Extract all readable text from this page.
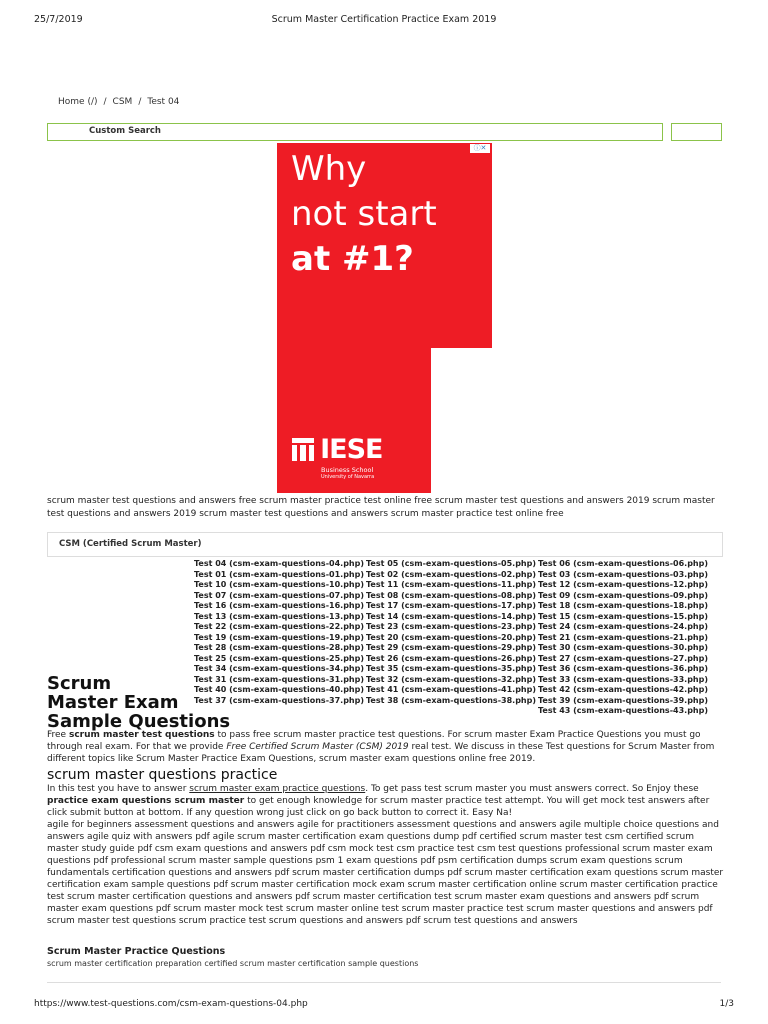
25/7/2019	Scrum Master Certification Practice Exam 2019
Home (/) / CSM / Test 04
Custom Search
ⓘ✕
Why
not start
at #1?
IESE
Business School
University of Navarra
scrum master test questions and answers free scrum master practice test online free scrum master test questions and answers 2019 scrum master test questions and answers 2019 scrum master test questions and answers scrum master practice test online free
CSM (Certified Scrum Master)
Test 04 (csm-exam-questions-04.php) Test 05 (csm-exam-questions-05.php) Test 06 (csm-exam-questions-06.php)
Test 01 (csm-exam-questions-01.php) Test 02 (csm-exam-questions-02.php) Test 03 (csm-exam-questions-03.php)
Test 10 (csm-exam-questions-10.php) Test 11 (csm-exam-questions-11.php) Test 12 (csm-exam-questions-12.php)
Test 07 (csm-exam-questions-07.php) Test 08 (csm-exam-questions-08.php) Test 09 (csm-exam-questions-09.php)
Test 16 (csm-exam-questions-16.php) Test 17 (csm-exam-questions-17.php) Test 18 (csm-exam-questions-18.php)
Test 13 (csm-exam-questions-13.php) Test 14 (csm-exam-questions-14.php) Test 15 (csm-exam-questions-15.php)
Test 22 (csm-exam-questions-22.php) Test 23 (csm-exam-questions-23.php) Test 24 (csm-exam-questions-24.php)
Test 19 (csm-exam-questions-19.php) Test 20 (csm-exam-questions-20.php) Test 21 (csm-exam-questions-21.php)
Test 28 (csm-exam-questions-28.php) Test 29 (csm-exam-questions-29.php) Test 30 (csm-exam-questions-30.php)
Test 25 (csm-exam-questions-25.php) Test 26 (csm-exam-questions-26.php) Test 27 (csm-exam-questions-27.php)
Test 34 (csm-exam-questions-34.php) Test 35 (csm-exam-questions-35.php) Test 36 (csm-exam-questions-36.php)
Test 31 (csm-exam-questions-31.php) Test 32 (csm-exam-questions-32.php) Test 33 (csm-exam-questions-33.php)
Test 40 (csm-exam-questions-40.php) Test 41 (csm-exam-questions-41.php) Test 42 (csm-exam-questions-42.php)
Test 37 (csm-exam-questions-37.php) Test 38 (csm-exam-questions-38.php) Test 39 (csm-exam-questions-39.php)
Test 43 (csm-exam-questions-43.php)
Scrum
Master Exam
Sample Questions
Free scrum master test questions to pass free scrum master practice test questions. For scrum master Exam Practice Questions you must go through real exam. For that we provide Free Certified Scrum Master (CSM) 2019 real test. We discuss in these Test questions for Scrum Master from different topics like Scrum Master Practice Exam Questions, scrum master exam questions online free 2019.
scrum master questions practice
In this test you have to answer scrum master exam practice questions. To get pass test scrum master you must answers correct. So Enjoy these practice exam questions scrum master to get enough knowledge for scrum master practice test attempt. You will get mock test answers after click submit button at bottom. If any question wrong just click on go back button to correct it. Easy Na!
agile for beginners assessment questions and answers agile for practitioners assessment questions and answers agile multiple choice questions and answers agile quiz with answers pdf agile scrum master certification exam questions dump pdf certified scrum master test csm certified scrum master study guide pdf csm exam questions and answers pdf csm mock test csm practice test csm test questions professional scrum master exam questions pdf professional scrum master sample questions psm 1 exam questions pdf psm certification dumps scrum exam questions scrum fundamentals certification questions and answers pdf scrum master certification dumps pdf scrum master certification exam questions scrum master certification exam sample questions pdf scrum master certification mock exam scrum master certification online scrum master certification practice test scrum master certification questions and answers pdf scrum master certification test scrum master exam questions and answers pdf scrum master exam questions pdf scrum master mock test scrum master online test scrum master practice test scrum master questions and answers pdf scrum master test questions scrum practice test scrum questions and answers pdf scrum test questions and answers
Scrum Master Practice Questions
scrum master certification preparation certified scrum master certification sample questions
https://www.test-questions.com/csm-exam-questions-04.php	1/3
